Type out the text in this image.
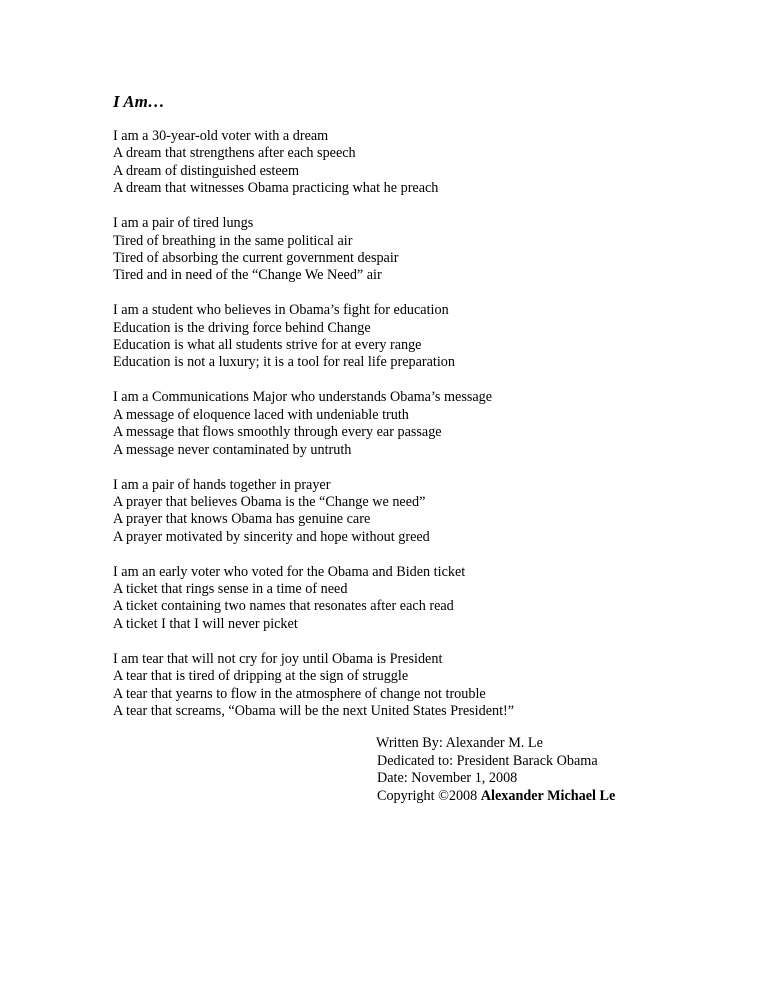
I Am…
I am a 30-year-old voter with a dream
A dream that strengthens after each speech
A dream of distinguished esteem
A dream that witnesses Obama practicing what he preach
I am a pair of tired lungs
Tired of breathing in the same political air
Tired of absorbing the current government despair
Tired and in need of the “Change We Need” air
I am a student who believes in Obama’s fight for education
Education is the driving force behind Change
Education is what all students strive for at every range
Education is not a luxury; it is a tool for real life preparation
I am a Communications Major who understands Obama’s message
A message of eloquence laced with undeniable truth
A message that flows smoothly through every ear passage
A message never contaminated by untruth
I am a pair of hands together in prayer
A prayer that believes Obama is the “Change we need”
A prayer that knows Obama has genuine care
A prayer motivated by sincerity and hope without greed
I am an early voter who voted for the Obama and Biden ticket
A ticket that rings sense in a time of need
A ticket containing two names that resonates after each read
A ticket I that I will never picket
I am tear that will not cry for joy until Obama is President
A tear that is tired of dripping at the sign of struggle
A tear that yearns to flow in the atmosphere of change not trouble
A tear that screams, “Obama will be the next United States President!”
Written By: Alexander M. Le
Dedicated to: President Barack Obama
Date: November 1, 2008
Copyright ©2008 Alexander Michael Le
